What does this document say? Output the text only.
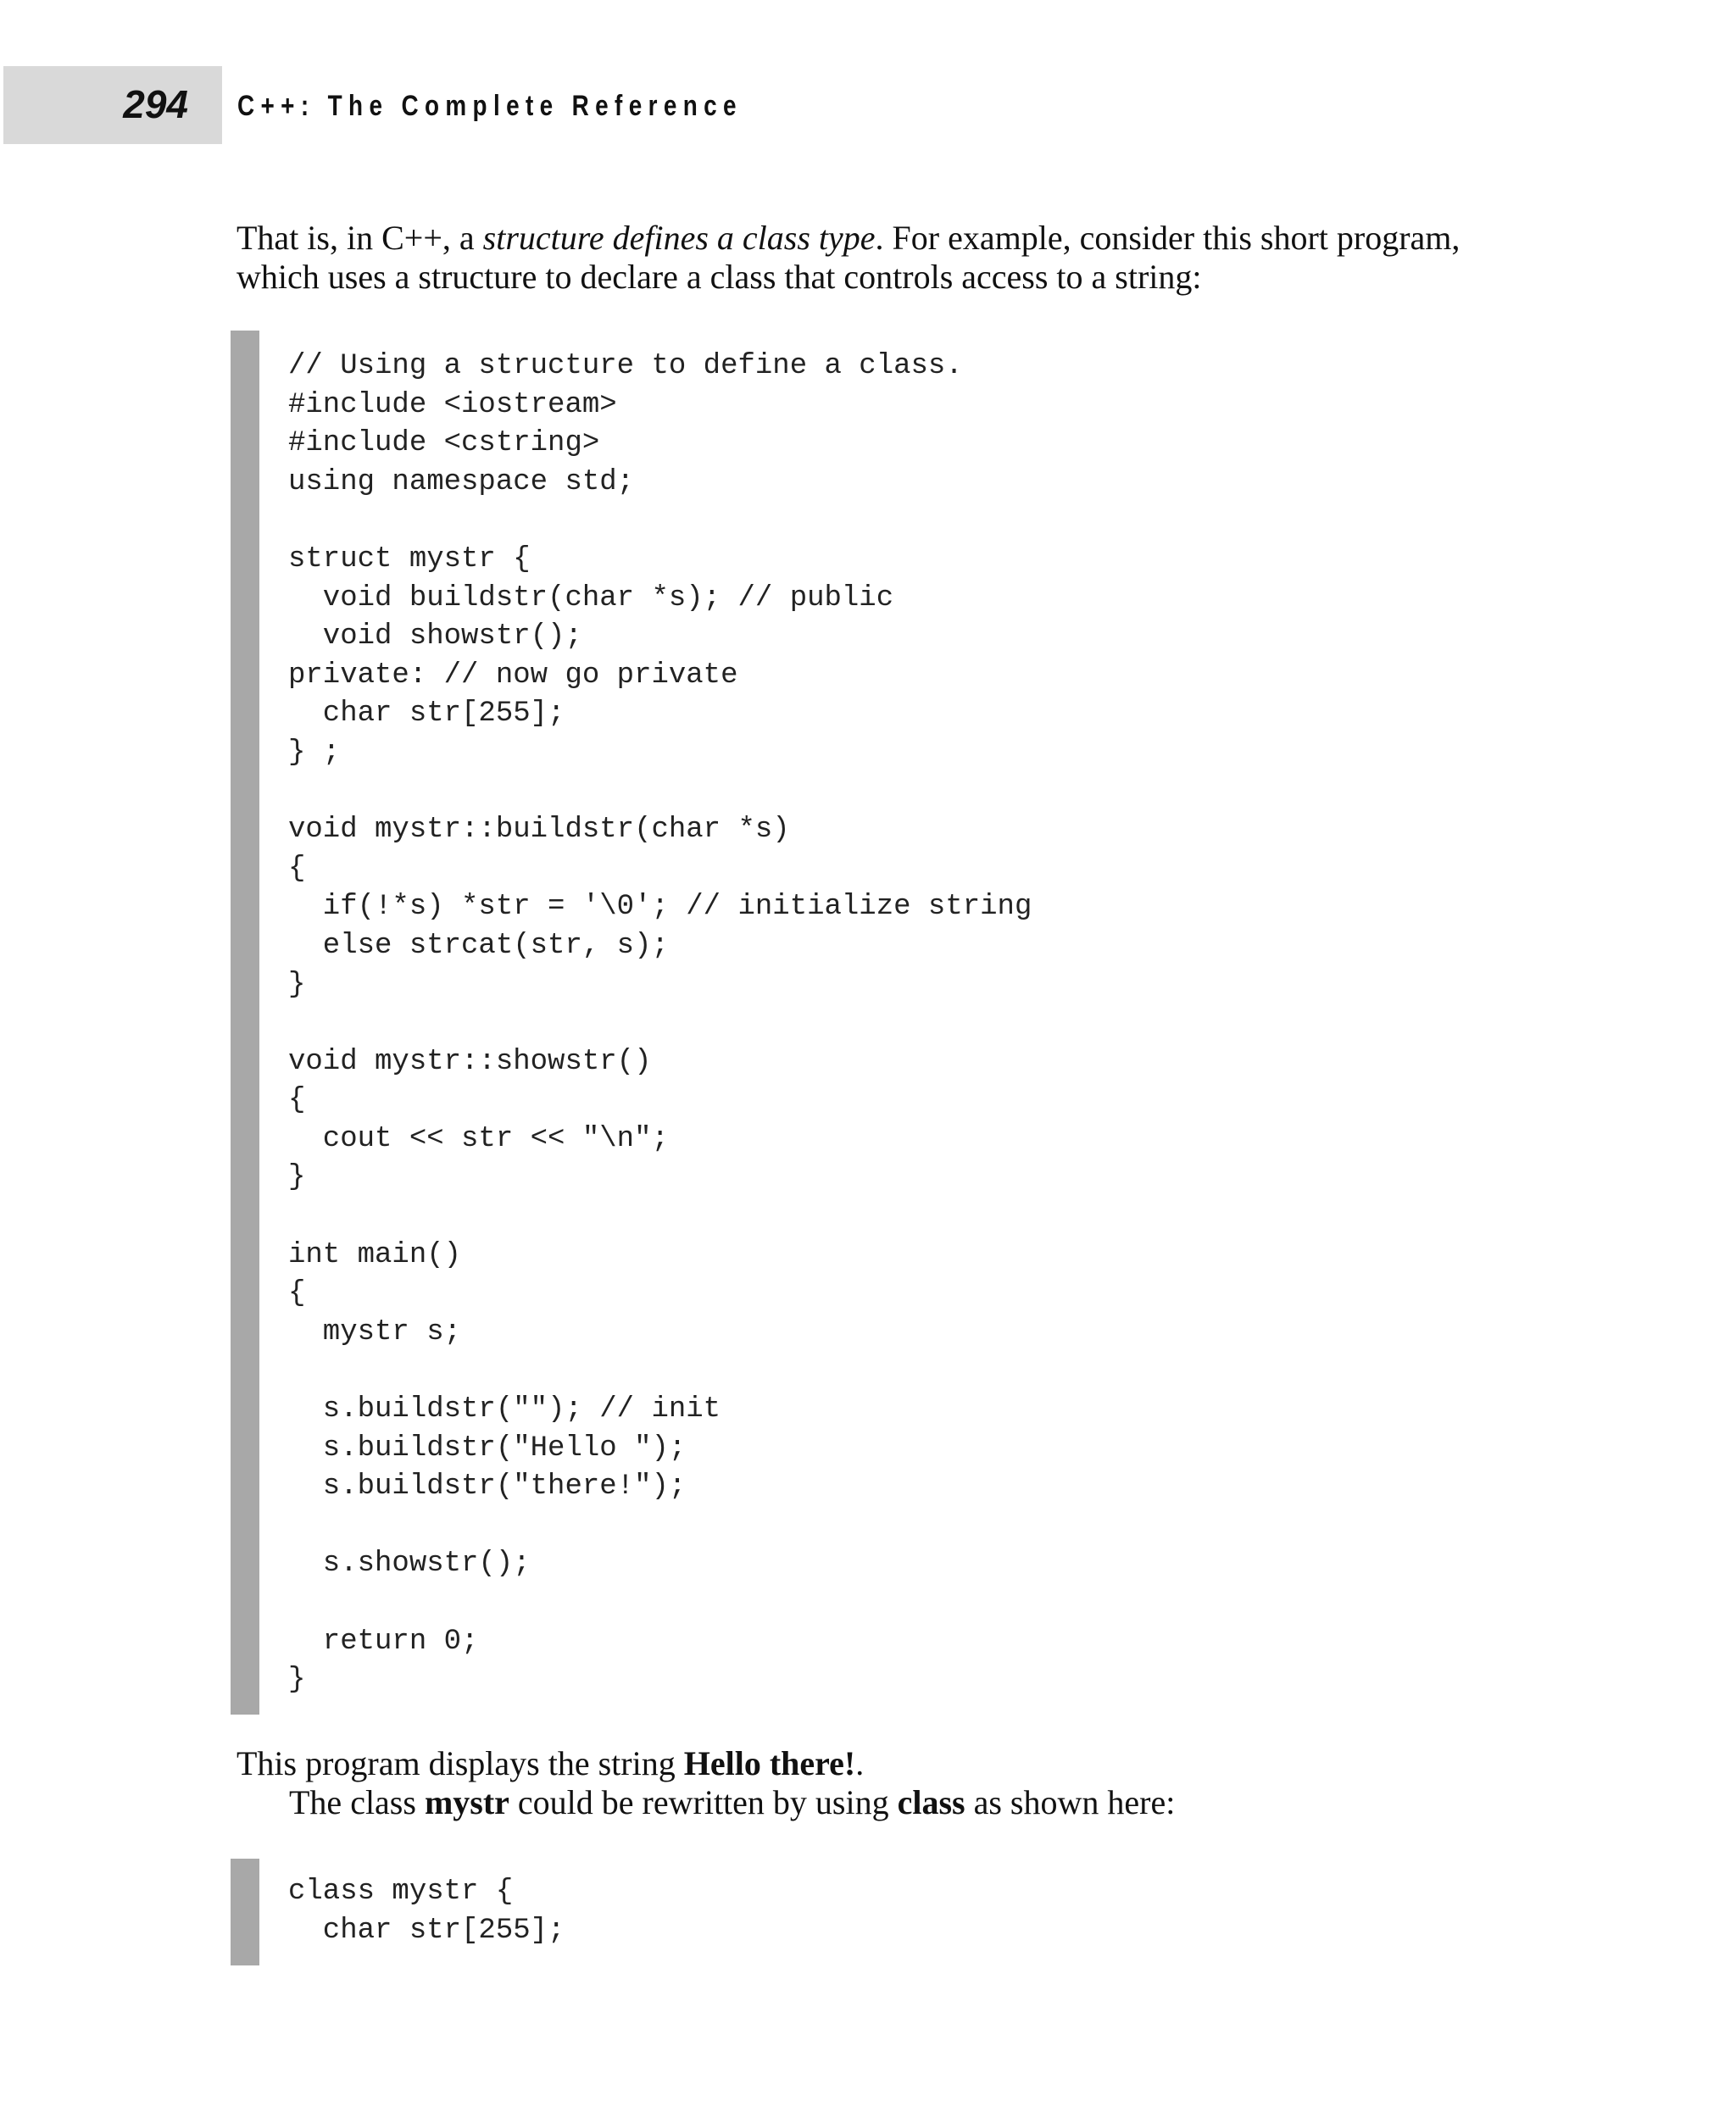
294 C++: The Complete Reference

That is, in C++, a structure defines a class type. For example, consider this short program, which uses a structure to declare a class that controls access to a string:

// Using a structure to define a class.
#include <iostream>
#include <cstring>
using namespace std;
struct mystr {
void buildstr(char *s); // public
void showstr();
private: // now go private
char str[255];
} ;
void mystr::buildstr(char *s)
{
if(!*s) *str = '\0'; // initialize string
else strcat(str, s);
}
void mystr::showstr()
{
cout << str << "\n";
}
int main()
{
mystr s;
s.buildstr(""); // init
s.buildstr("Hello ");
s.buildstr("there!");
s.showstr();
return 0;
}

This program displays the string Hello there!.
The class mystr could be rewritten by using class as shown here:

class mystr {
char str[255];
